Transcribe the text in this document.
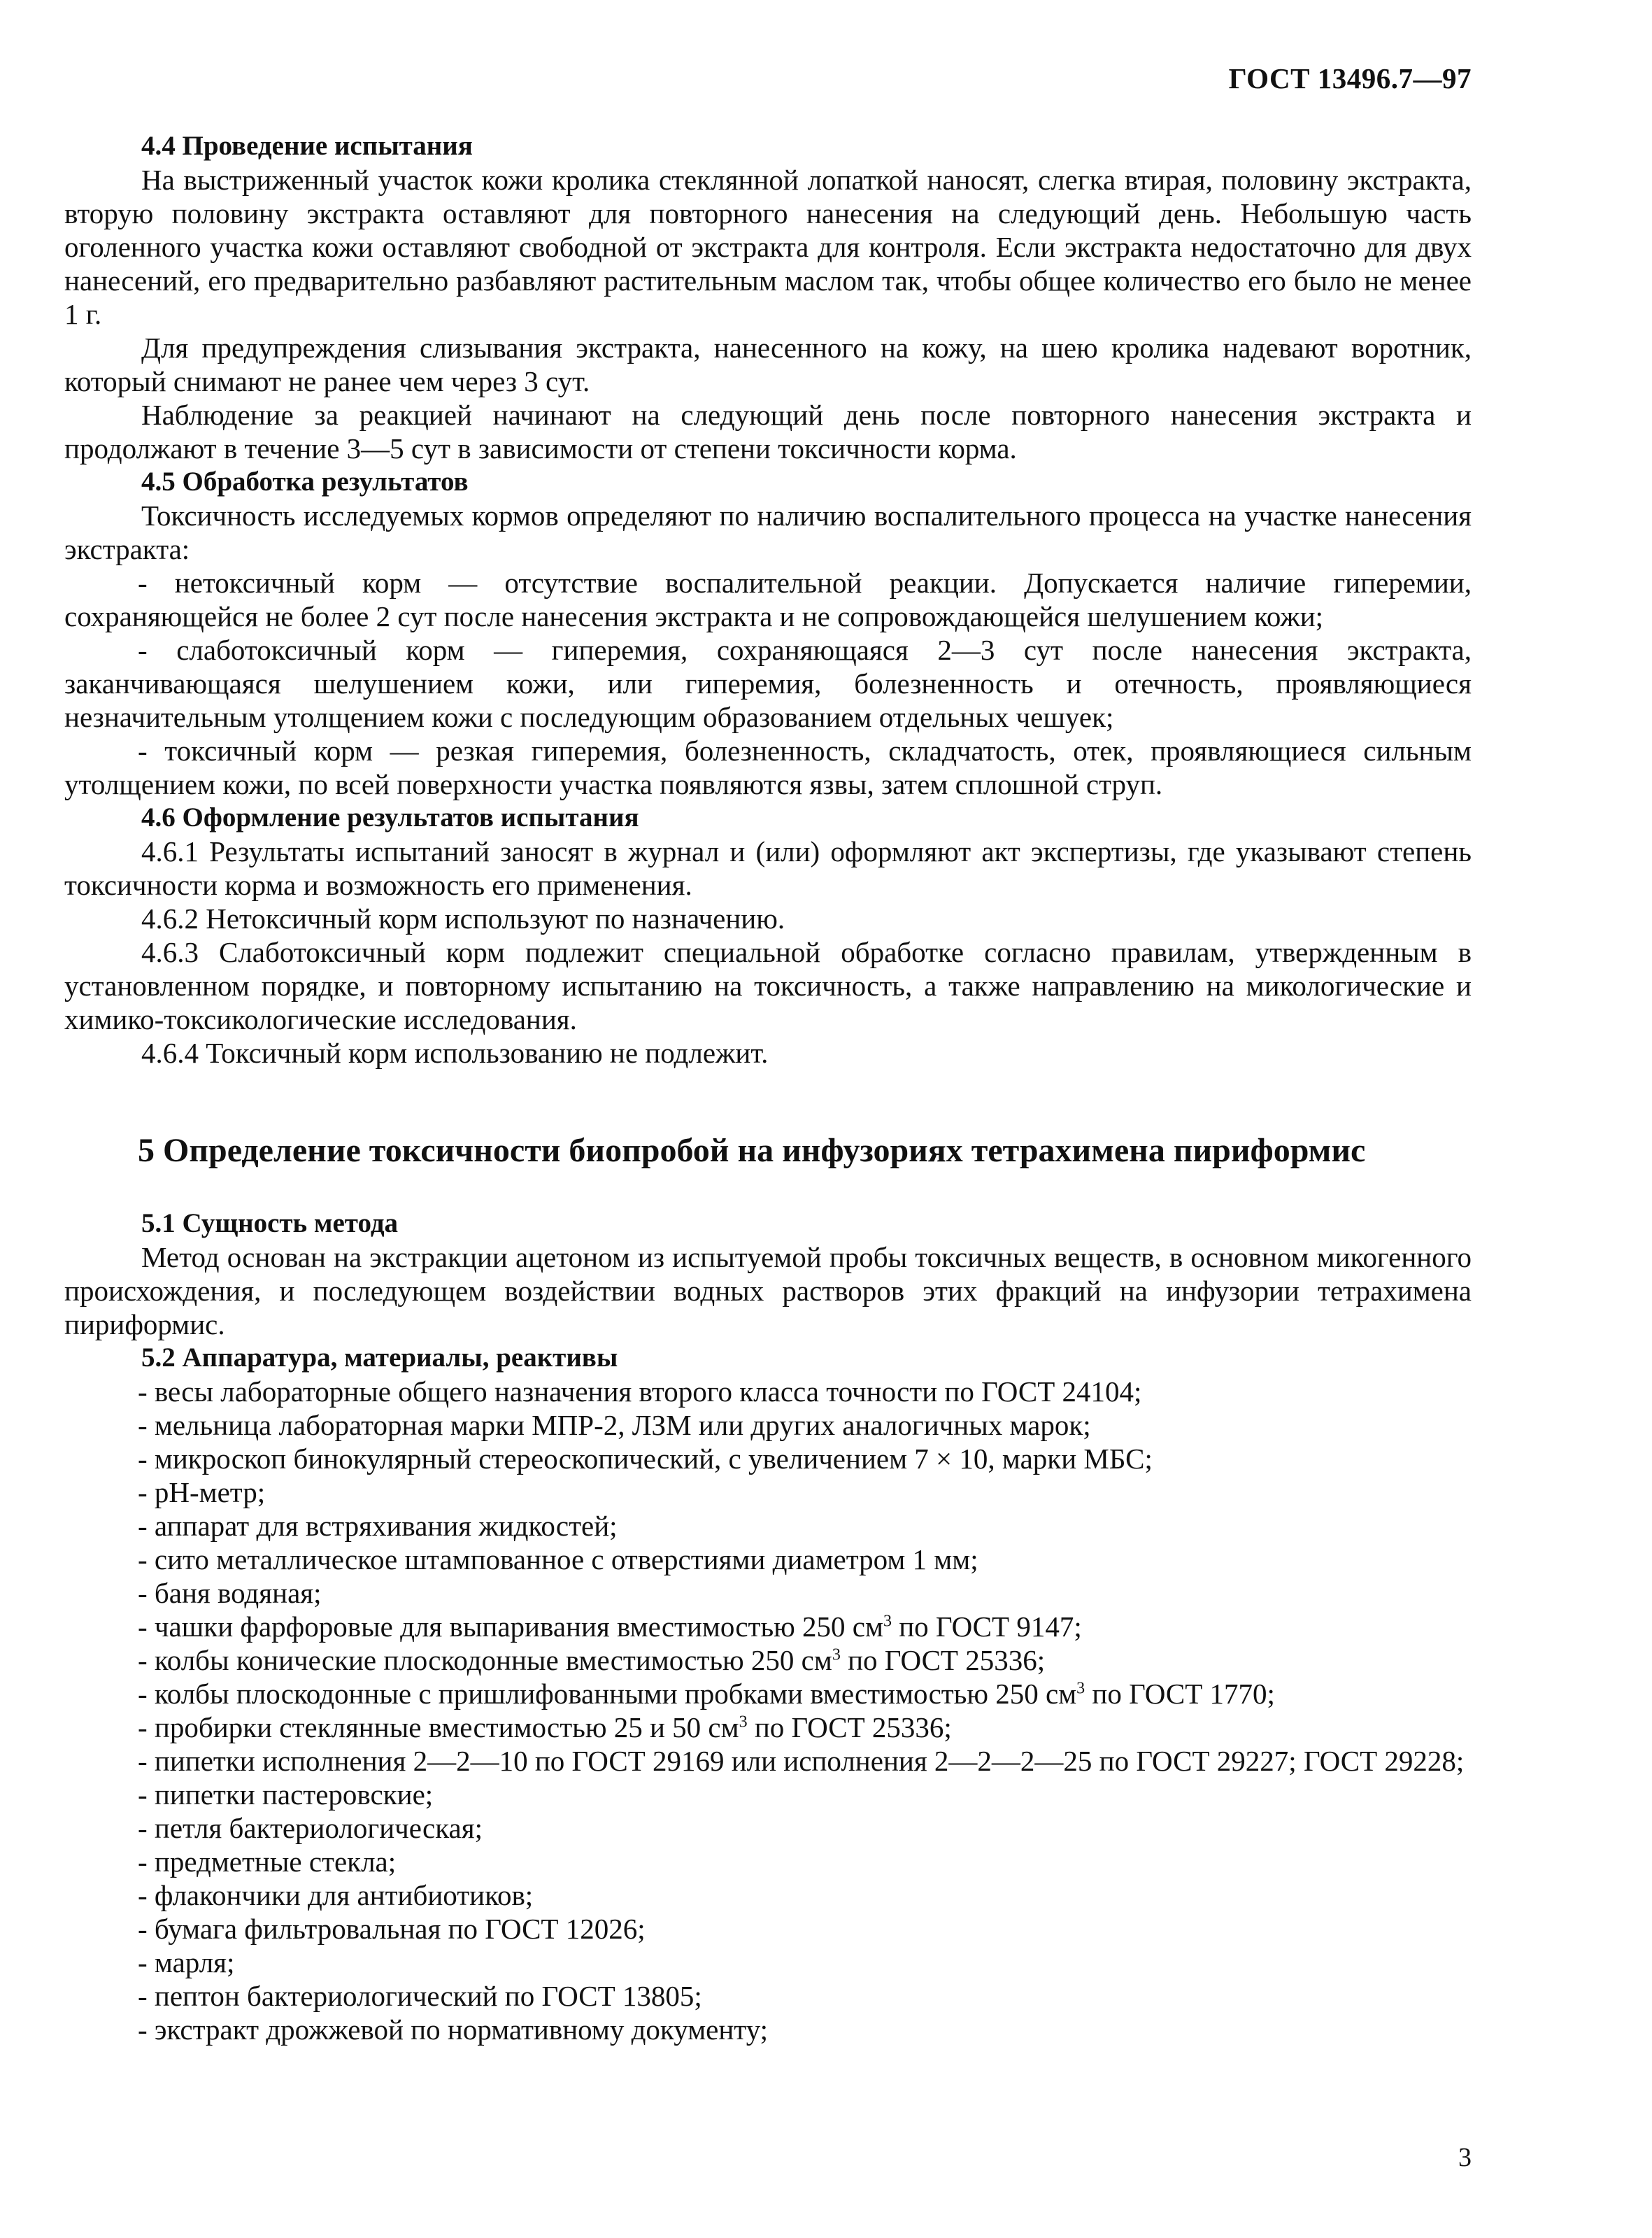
ГОСТ 13496.7—97

4.4 Проведение испытания

На выстриженный участок кожи кролика стеклянной лопаткой наносят, слегка втирая, половину экстракта, вторую половину экстракта оставляют для повторного нанесения на следующий день. Небольшую часть оголенного участка кожи оставляют свободной от экстракта для контроля. Если экстракта недостаточно для двух нанесений, его предварительно разбавляют растительным маслом так, чтобы общее количество его было не менее 1 г.

Для предупреждения слизывания экстракта, нанесенного на кожу, на шею кролика надевают воротник, который снимают не ранее чем через 3 сут.

Наблюдение за реакцией начинают на следующий день после повторного нанесения экстракта и продолжают в течение 3—5 сут в зависимости от степени токсичности корма.

4.5 Обработка результатов

Токсичность исследуемых кормов определяют по наличию воспалительного процесса на участке нанесения экстракта:

- нетоксичный корм — отсутствие воспалительной реакции. Допускается наличие гиперемии, сохраняющейся не более 2 сут после нанесения экстракта и не сопровождающейся шелушением кожи;
- слаботоксичный корм — гиперемия, сохраняющаяся 2—3 сут после нанесения экстракта, заканчивающаяся шелушением кожи, или гиперемия, болезненность и отечность, проявляющиеся незначительным утолщением кожи с последующим образованием отдельных чешуек;
- токсичный корм — резкая гиперемия, болезненность, складчатость, отек, проявляющиеся сильным утолщением кожи, по всей поверхности участка появляются язвы, затем сплошной струп.

4.6 Оформление результатов испытания

4.6.1 Результаты испытаний заносят в журнал и (или) оформляют акт экспертизы, где указывают степень токсичности корма и возможность его применения.

4.6.2 Нетоксичный корм используют по назначению.

4.6.3 Слаботоксичный корм подлежит специальной обработке согласно правилам, утвержденным в установленном порядке, и повторному испытанию на токсичность, а также направлению на микологические и химико-токсикологические исследования.

4.6.4 Токсичный корм использованию не подлежит.

5 Определение токсичности биопробой на инфузориях тетрахимена пириформис

5.1 Сущность метода

Метод основан на экстракции ацетоном из испытуемой пробы токсичных веществ, в основном микогенного происхождения, и последующем воздействии водных растворов этих фракций на инфузории тетрахимена пириформис.

5.2 Аппаратура, материалы, реактивы

- весы лабораторные общего назначения второго класса точности по ГОСТ 24104;
- мельница лабораторная марки МПР-2, ЛЗМ или других аналогичных марок;
- микроскоп бинокулярный стереоскопический, с увеличением 7 × 10, марки МБС;
- рН-метр;
- аппарат для встряхивания жидкостей;
- сито металлическое штампованное с отверстиями диаметром 1 мм;
- баня водяная;
- чашки фарфоровые для выпаривания вместимостью 250 $см^3$ по ГОСТ 9147;
- колбы конические плоскодонные вместимостью 250 $см^3$ по ГОСТ 25336;
- колбы плоскодонные с пришлифованными пробками вместимостью 250 $см^3$ по ГОСТ 1770;
- пробирки стеклянные вместимостью 25 и 50 $см^3$ по ГОСТ 25336;
- пипетки исполнения 2—2—10 по ГОСТ 29169 или исполнения 2—2—2—25 по ГОСТ 29227; ГОСТ 29228;
- пипетки пастеровские;
- петля бактериологическая;
- предметные стекла;
- флакончики для антибиотиков;
- бумага фильтровальная по ГОСТ 12026;
- марля;
- пептон бактериологический по ГОСТ 13805;
- экстракт дрожжевой по нормативному документу;
3
